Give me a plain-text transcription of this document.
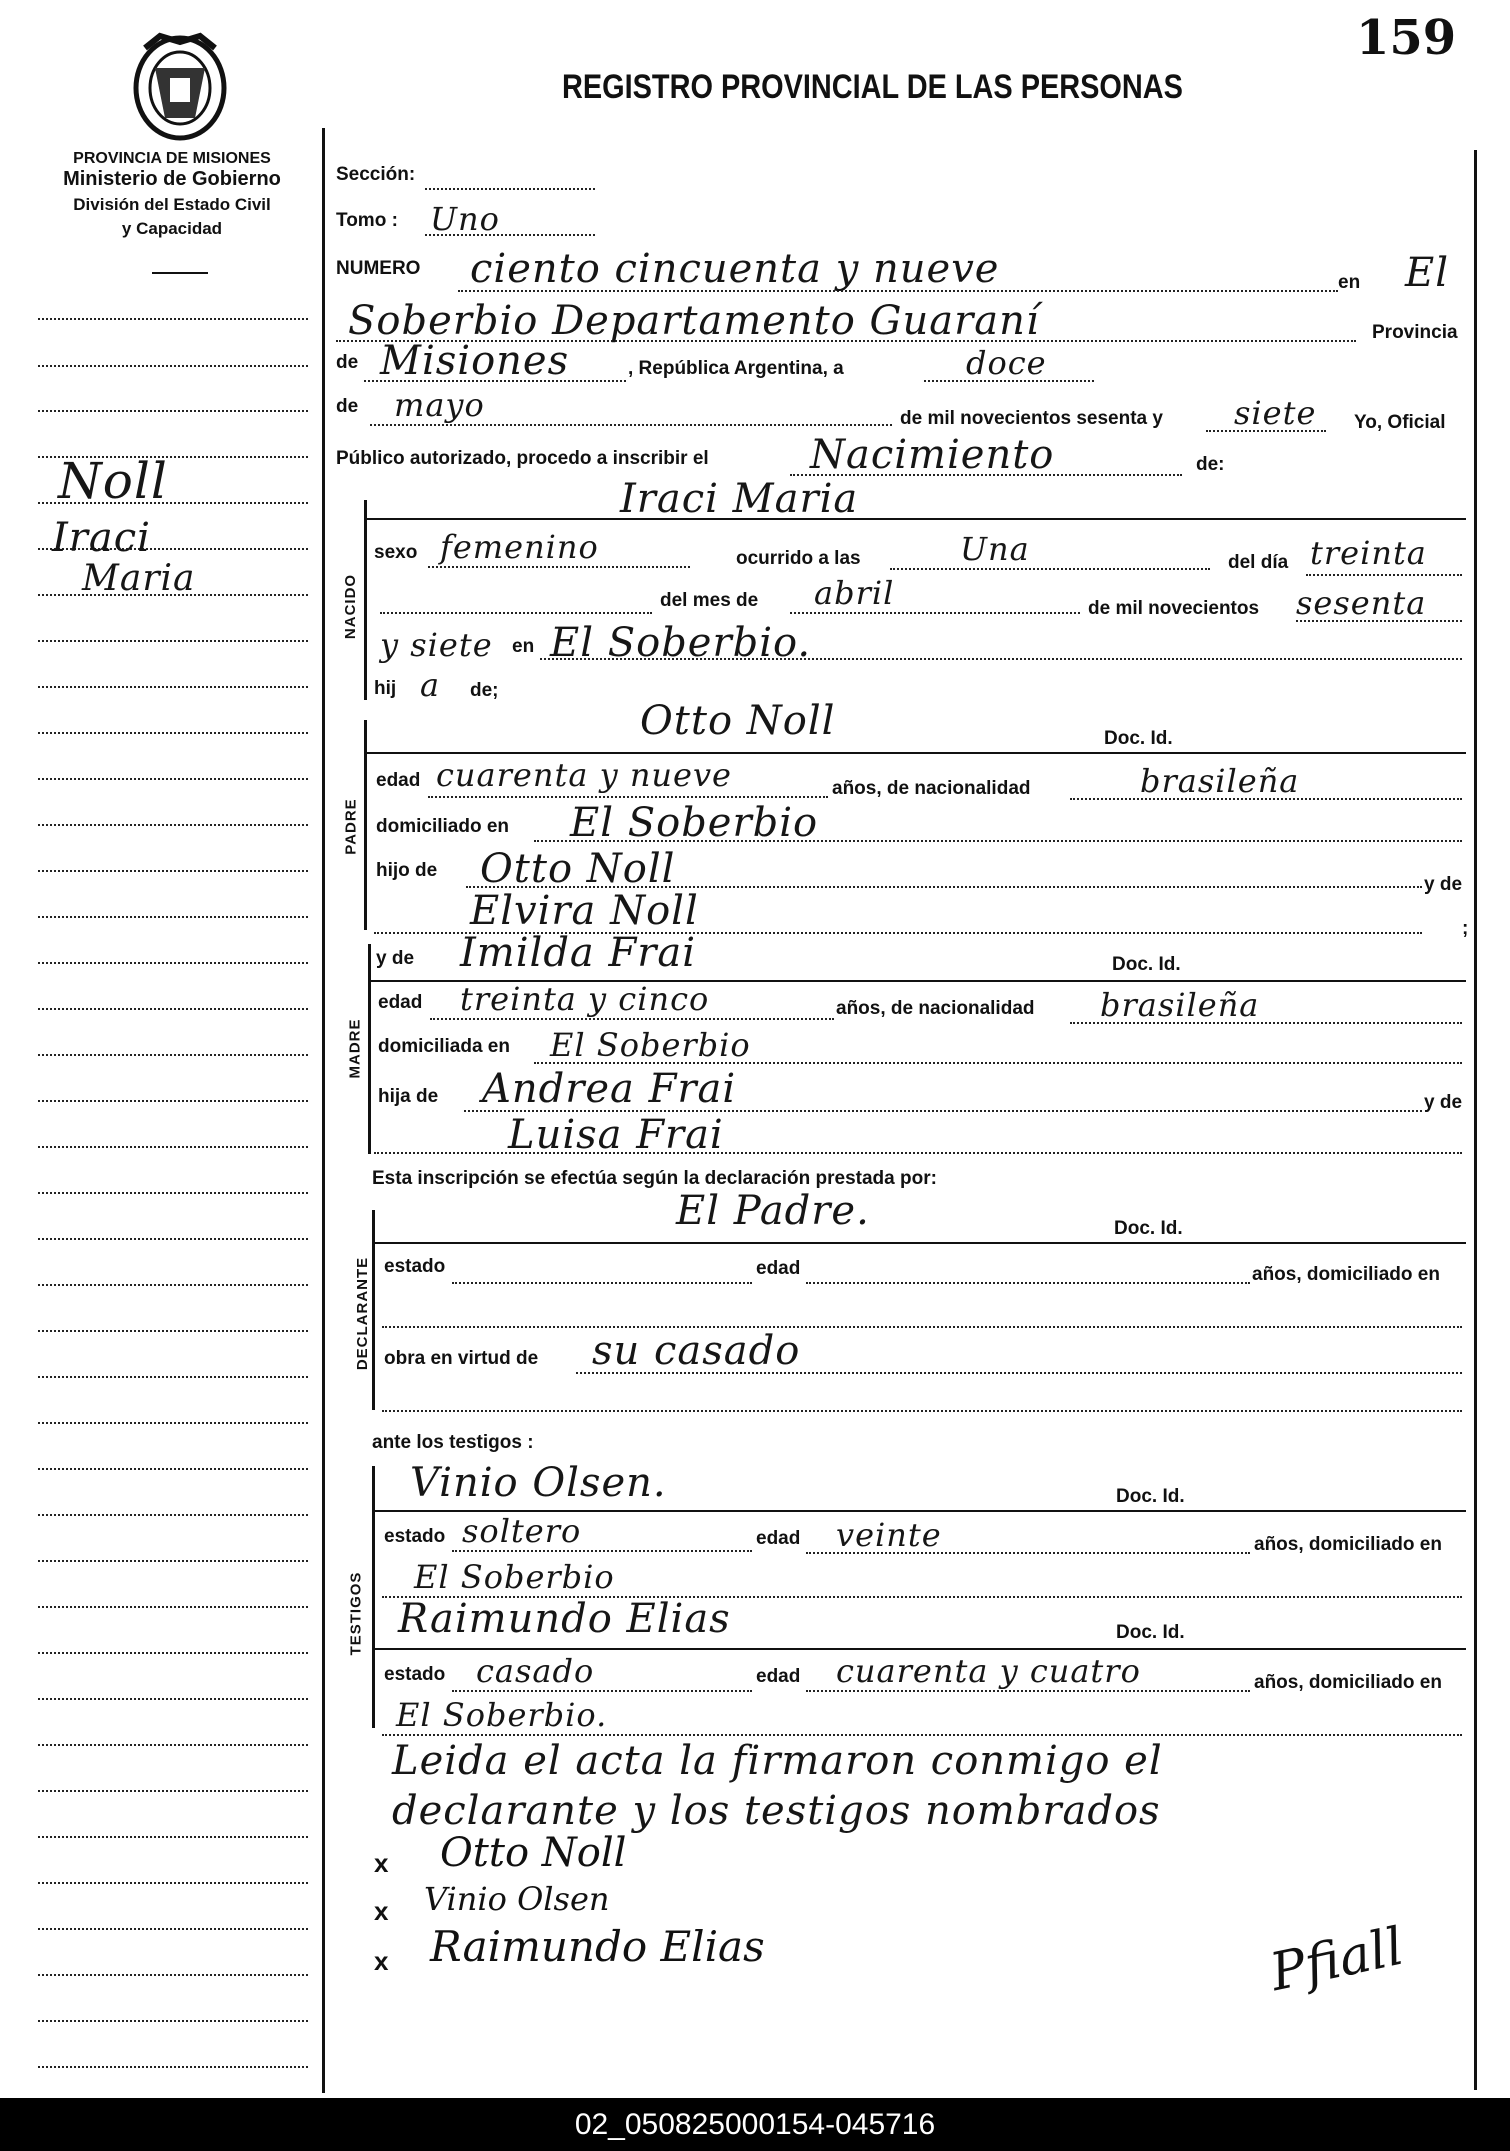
159
PROVINCIA DE MISIONES
Ministerio de Gobierno
División del Estado Civil
y Capacidad
REGISTRO PROVINCIAL DE LAS PERSONAS
Noll
Iraci
Maria	NACIDO
PADRE
MADRE
DECLARANTE
TESTIGOS
Sección:
Tomo : Uno
NUMERO ciento cincuenta y nueve	en El
Soberbio Departamento Guaraní	Provincia
de Misiones	, República Argentina, a	doce
de mayo	de mil novecientos sesenta y siete Yo, Oficial
Público autorizado, procedo a inscribir el	Nacimiento	de:
Iraci Maria
sexo femenino	ocurrido a las	Una	del día treinta
del mes de abril	de mil novecientos sesenta
y siete en El Soberbio.
hij a de;
Otto Noll	Doc. Id.
edad cuarenta y nueve	años, de nacionalidad	brasileña
domiciliado en El Soberbio
hijo de Otto Noll	y de
Elvira Noll	;
y de Imilda Frai	Doc. Id.
edad treinta y cinco	años, de nacionalidad brasileña
domiciliada en El Soberbio
hija de Andrea Frai	y de
Luisa Frai
Esta inscripción se efectúa según la declaración prestada por:
El Padre.	Doc. Id.
estado	edad	años, domiciliado en
obra en virtud de su casado
ante los testigos :
Vinio Olsen.	Doc. Id.
estado soltero	edad veinte	años, domiciliado en
El Soberbio
Raimundo Elias	Doc. Id.
estado casado	edad cuarenta y cuatro	años, domiciliado en
El Soberbio.
Leida el acta la firmaron conmigo el
declarante y los testigos nombrados
x Otto Noll
x Vinio Olsen
x Raimundo Elias	Pfiall
02_050825000154-045716
